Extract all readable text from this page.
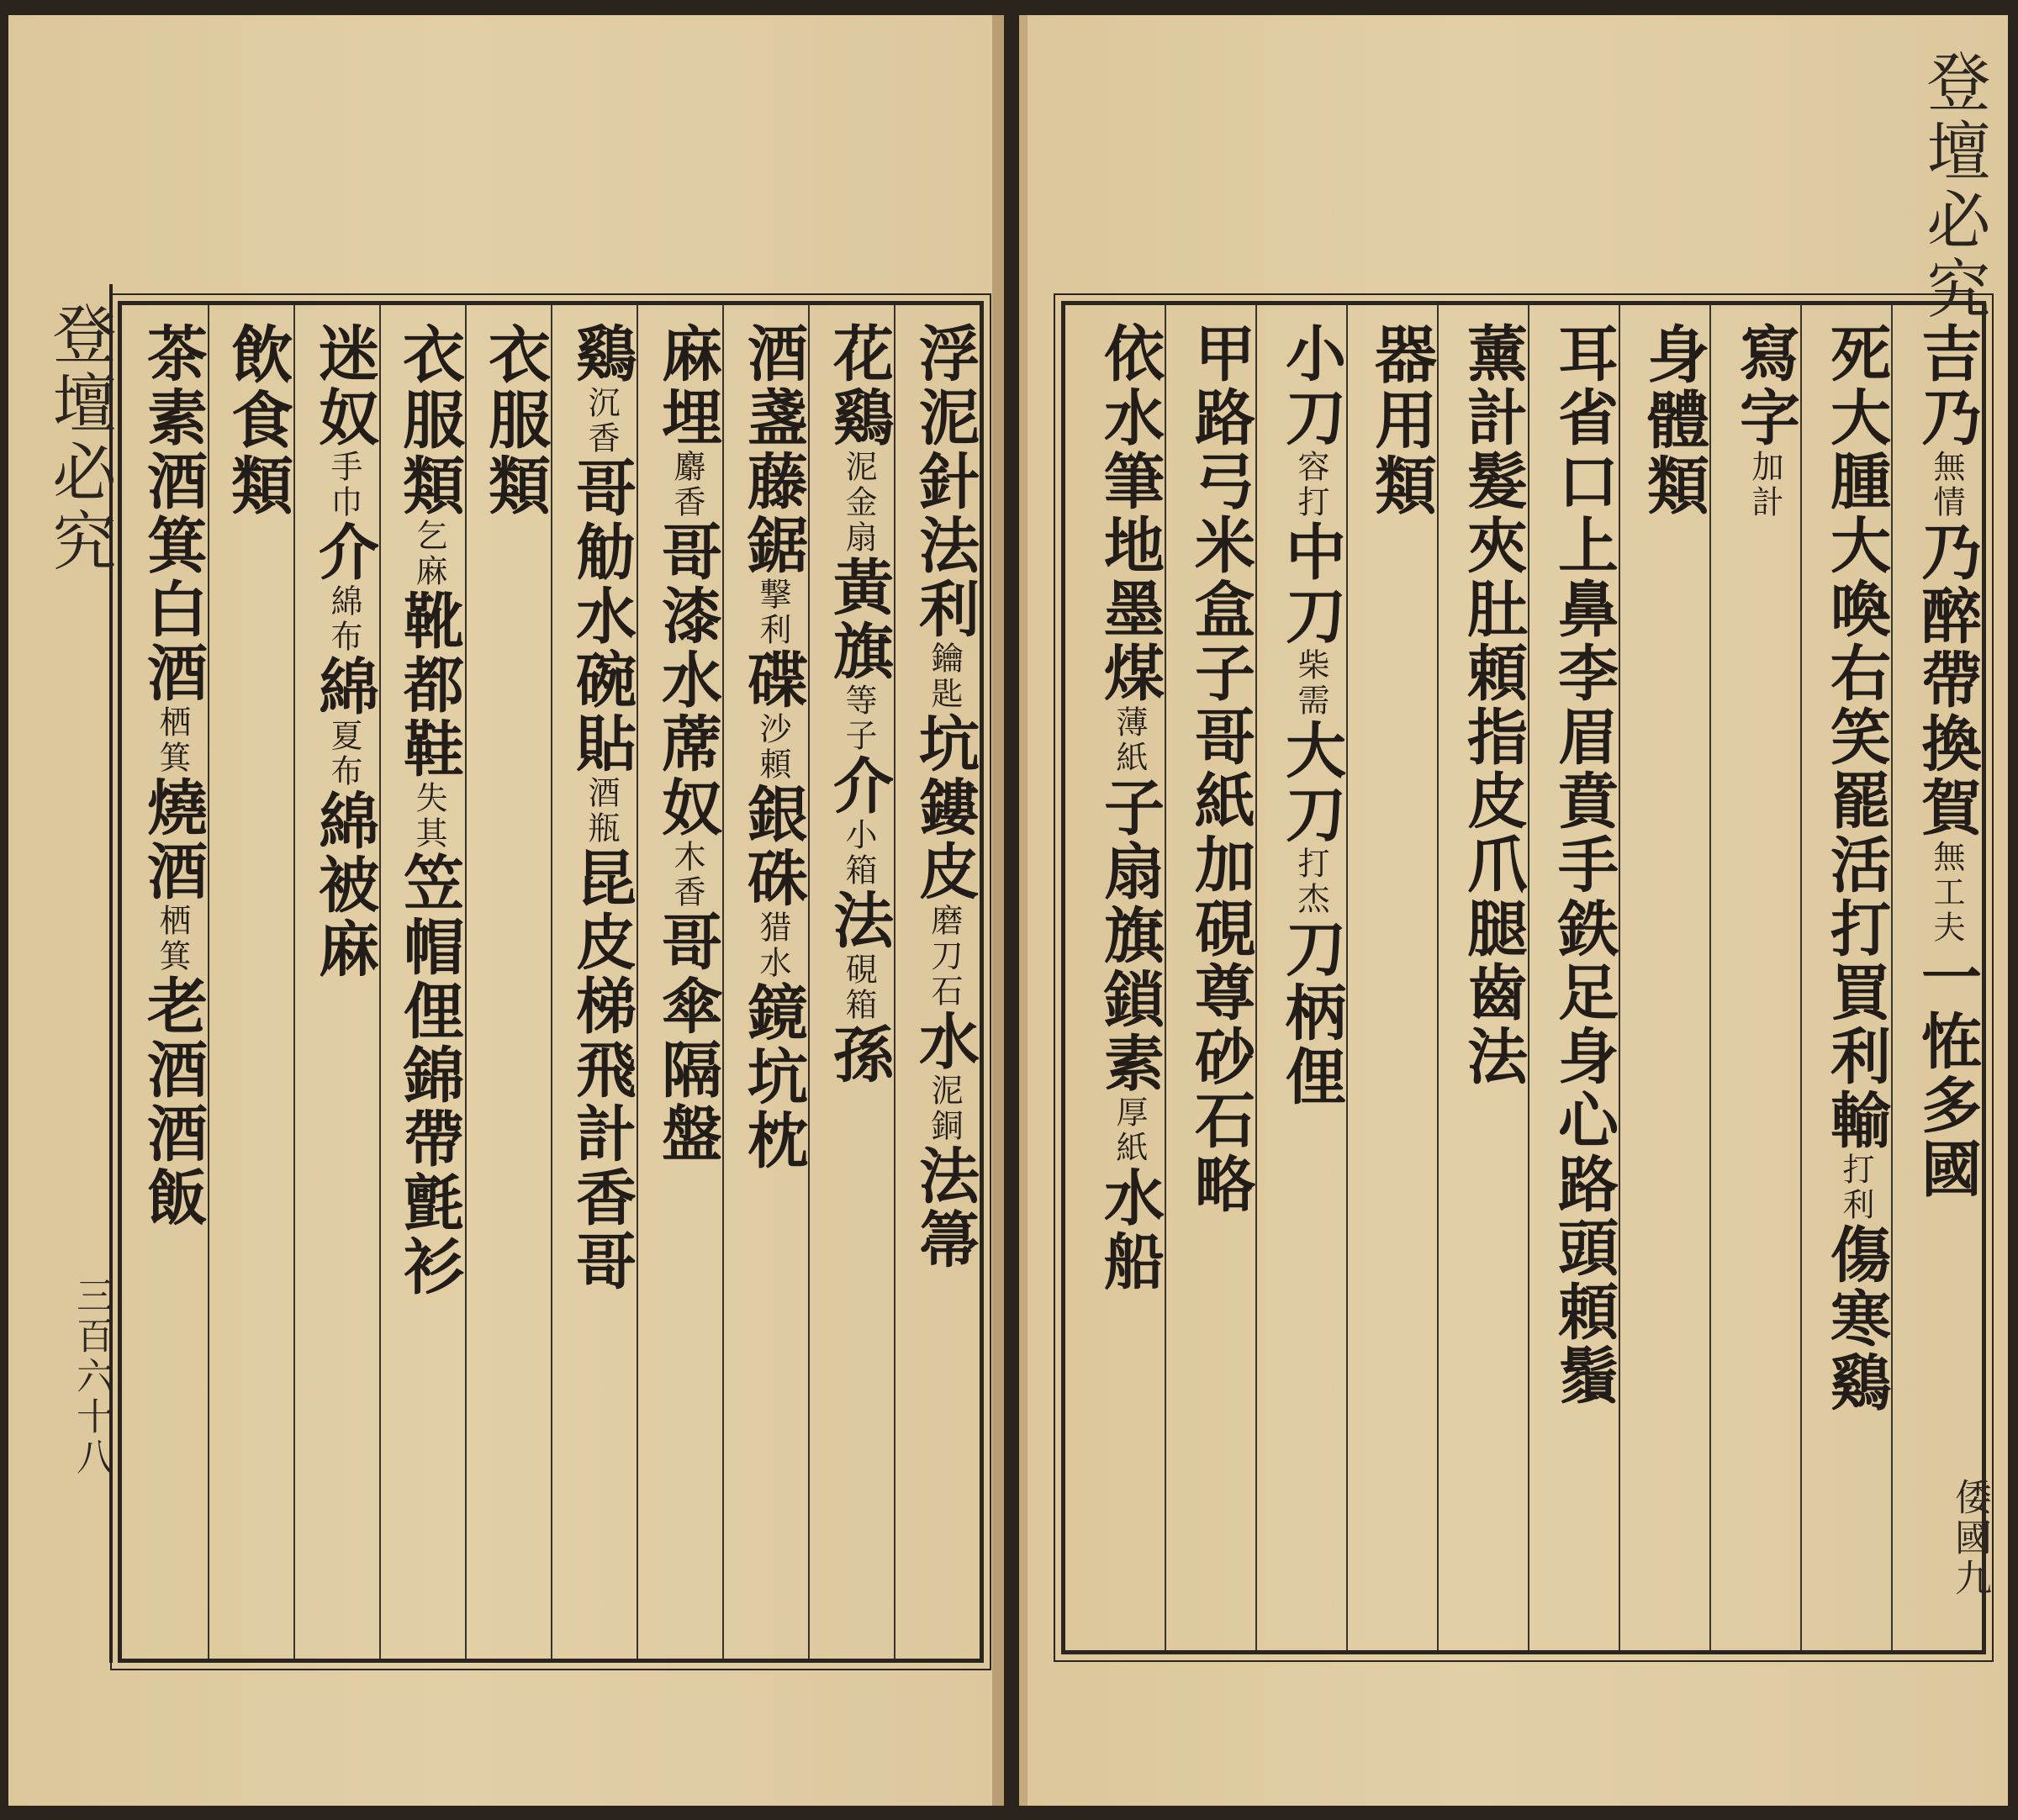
登壇必究
三百六十八
浮泥針法利鑰匙坑鏤皮磨刀石水泥銅法箒
花鷄泥金扇黃旗等子介小箱法硯箱孫
酒盞藤鋸撃利碟沙頼銀硃猎水鏡坑枕
麻埋麝香哥漆水蓆奴木香哥傘隔盤
鷄沉香哥觔水碗貼酒瓶昆皮梯飛計香哥
衣服類
衣服類乞麻靴都鞋失其笠帽俚錦帶氈衫
迷奴手巾介綿布綿夏布綿被麻
飲食類
茶素酒箕白酒栖箕燒酒栖箕老酒酒飯
登壇必究
倭國九
吉乃無情乃醉帶換賀無工夫一恠多國
死大腫大喚右笑罷活打買利輸打利傷寒鷄
寫字加計
身體類
耳省口上鼻李眉賁手鉄足身心路頭頼鬚
薰計髮夾肚頼指皮爪腿齒法
器用類
小刀容打中刀柴需大刀打杰刀柄俚
甲路弓米盒子哥紙加硯尊砂石略
依水筆地墨煤薄紙子扇旗鎖素厚紙水船
